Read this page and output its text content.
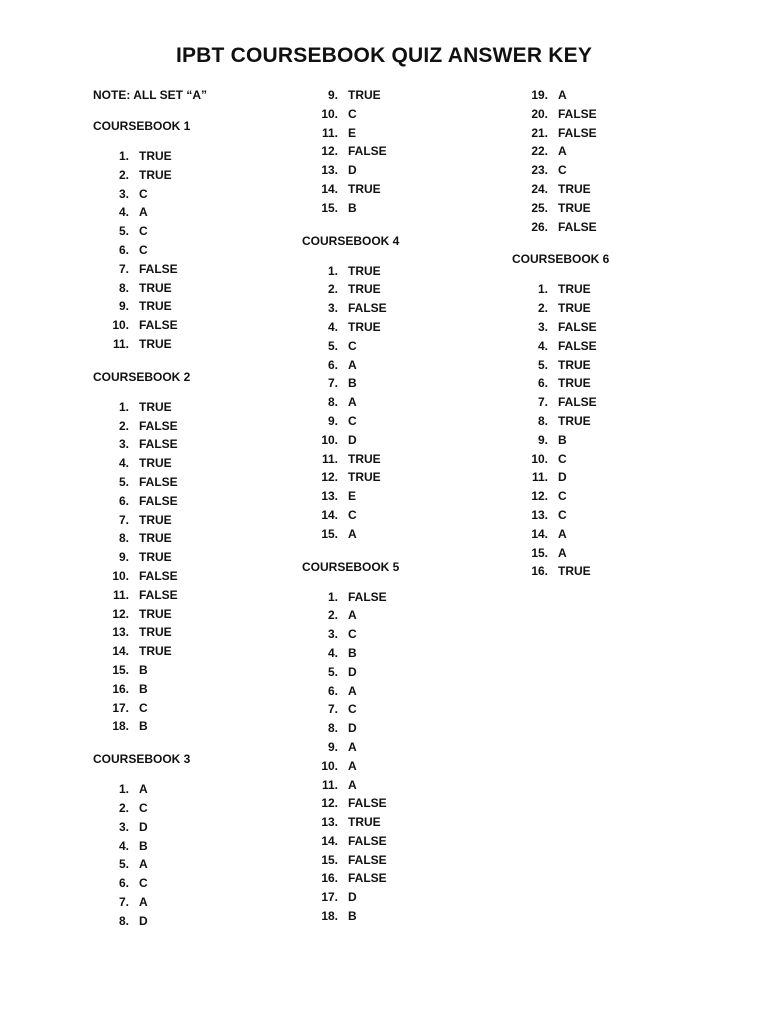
IPBT COURSEBOOK QUIZ ANSWER KEY
NOTE: ALL SET “A”
COURSEBOOK 1
1. TRUE
2. TRUE
3. C
4. A
5. C
6. C
7. FALSE
8. TRUE
9. TRUE
10. FALSE
11. TRUE
COURSEBOOK 2
1. TRUE
2. FALSE
3. FALSE
4. TRUE
5. FALSE
6. FALSE
7. TRUE
8. TRUE
9. TRUE
10. FALSE
11. FALSE
12. TRUE
13. TRUE
14. TRUE
15. B
16. B
17. C
18. B
COURSEBOOK 3
1. A
2. C
3. D
4. B
5. A
6. C
7. A
8. D
9. TRUE
10. C
11. E
12. FALSE
13. D
14. TRUE
15. B
COURSEBOOK 4
1. TRUE
2. TRUE
3. FALSE
4. TRUE
5. C
6. A
7. B
8. A
9. C
10. D
11. TRUE
12. TRUE
13. E
14. C
15. A
COURSEBOOK 5
1. FALSE
2. A
3. C
4. B
5. D
6. A
7. C
8. D
9. A
10. A
11. A
12. FALSE
13. TRUE
14. FALSE
15. FALSE
16. FALSE
17. D
18. B
19. A
20. FALSE
21. FALSE
22. A
23. C
24. TRUE
25. TRUE
26. FALSE
COURSEBOOK 6
1. TRUE
2. TRUE
3. FALSE
4. FALSE
5. TRUE
6. TRUE
7. FALSE
8. TRUE
9. B
10. C
11. D
12. C
13. C
14. A
15. A
16. TRUE
